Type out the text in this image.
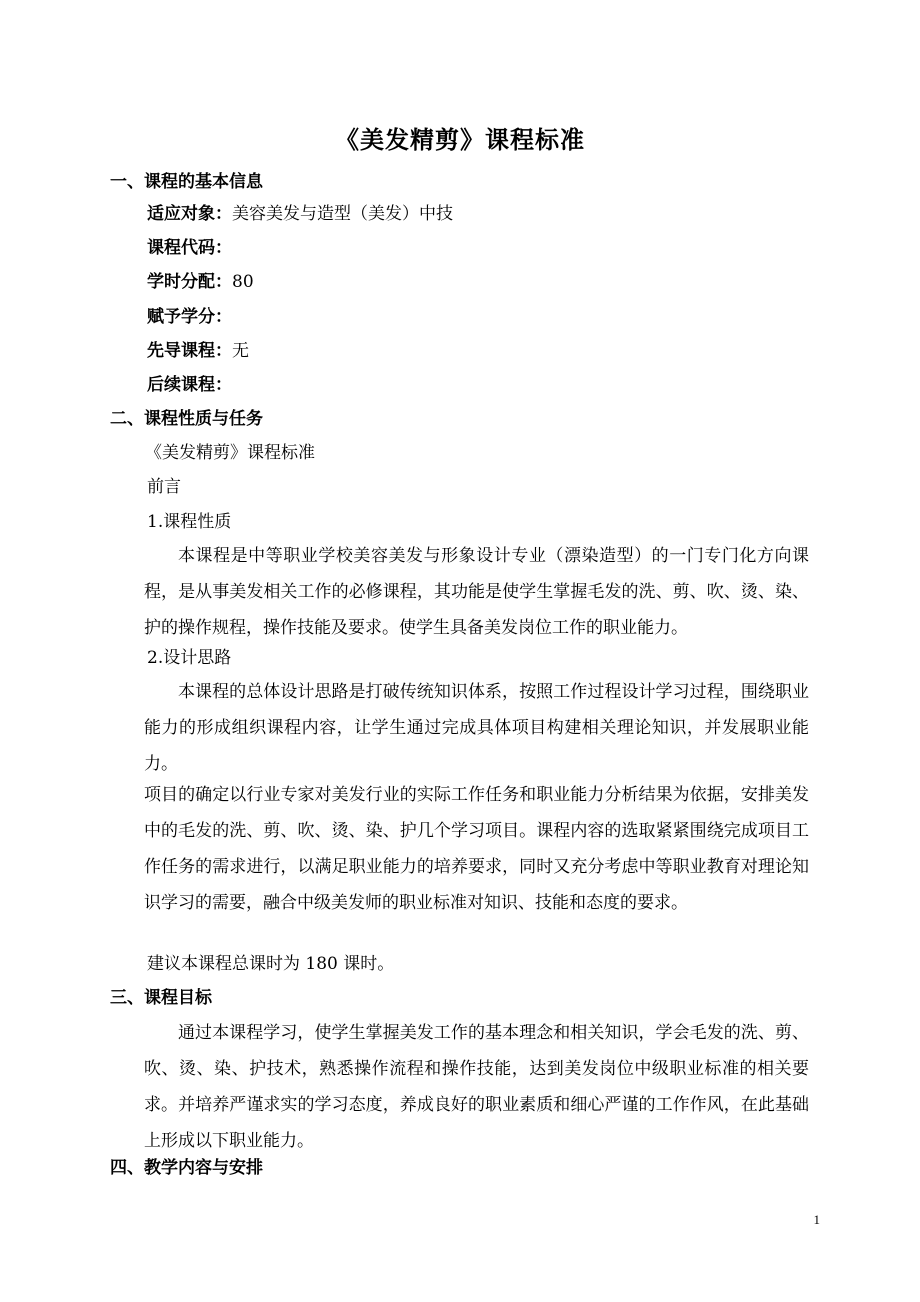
《美发精剪》课程标准
一、课程的基本信息
适应对象：美容美发与造型（美发）中技
课程代码：
学时分配：80
赋予学分：
先导课程：无
后续课程：
二、课程性质与任务
《美发精剪》课程标准
前言
1.课程性质
本课程是中等职业学校美容美发与形象设计专业（漂染造型）的一门专门化方向课程，是从事美发相关工作的必修课程，其功能是使学生掌握毛发的洗、剪、吹、烫、染、护的操作规程，操作技能及要求。使学生具备美发岗位工作的职业能力。
2.设计思路
本课程的总体设计思路是打破传统知识体系，按照工作过程设计学习过程，围绕职业能力的形成组织课程内容，让学生通过完成具体项目构建相关理论知识，并发展职业能力。
项目的确定以行业专家对美发行业的实际工作任务和职业能力分析结果为依据，安排美发中的毛发的洗、剪、吹、烫、染、护几个学习项目。课程内容的选取紧紧围绕完成项目工作任务的需求进行，以满足职业能力的培养要求，同时又充分考虑中等职业教育对理论知识学习的需要，融合中级美发师的职业标准对知识、技能和态度的要求。
建议本课程总课时为 180 课时。
三、课程目标
通过本课程学习，使学生掌握美发工作的基本理念和相关知识，学会毛发的洗、剪、吹、烫、染、护技术，熟悉操作流程和操作技能，达到美发岗位中级职业标准的相关要求。并培养严谨求实的学习态度，养成良好的职业素质和细心严谨的工作作风，在此基础上形成以下职业能力。
四、教学内容与安排
1
